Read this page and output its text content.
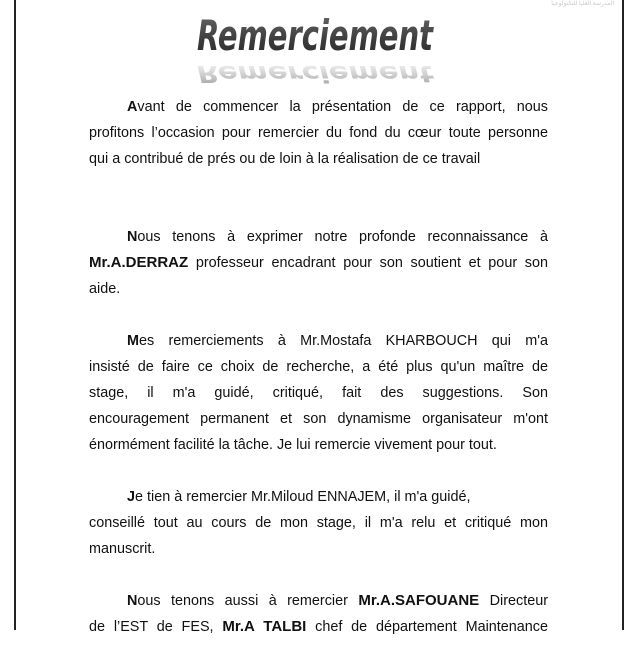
المدرسة العليا للتكنولوجيا
Remerciement
Remerciement
Avant de commencer la présentation de ce rapport, nous
profitons l’occasion pour remercier du fond du cœur toute personne
qui a contribué de prés ou de loin à la réalisation de ce travail
Nous tenons à exprimer notre profonde reconnaissance à
Mr.A.DERRAZ professeur encadrant pour son soutient et pour son
aide.
Mes remerciements à Mr.Mostafa KHARBOUCH qui m'a
insisté de faire ce choix de recherche, a été plus qu'un maître de
stage, il m'a guidé, critiqué, fait des suggestions. Son
encouragement permanent et son dynamisme organisateur m'ont
énormément facilité la tâche. Je lui remercie vivement pour tout.
Je tien à remercier Mr.Miloud ENNAJEM, il m'a guidé,
conseillé tout au cours de mon stage, il m'a relu et critiqué mon
manuscrit.
Nous tenons aussi à remercier Mr.A.SAFOUANE Directeur
de l’EST de FES, Mr.A TALBI chef de département Maintenance
